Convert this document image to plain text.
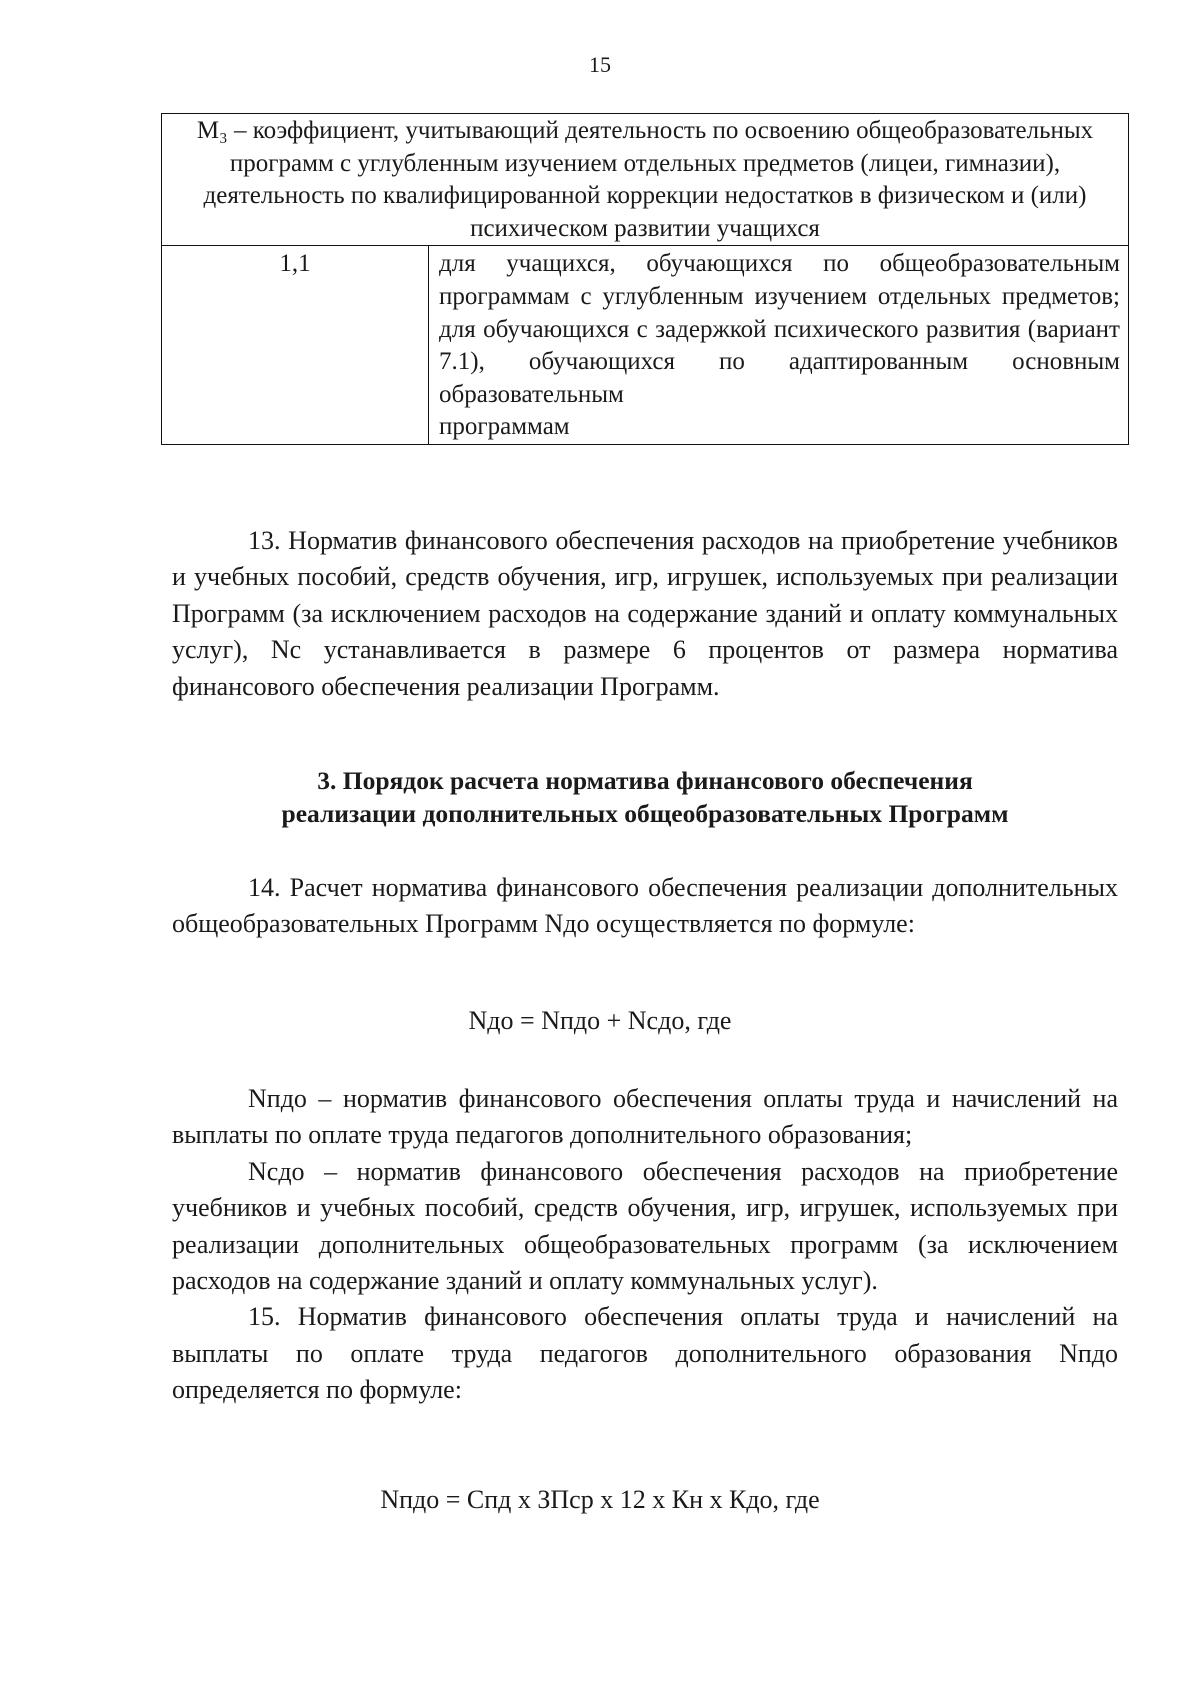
15
М₃ – коэффициент, учитывающий деятельность по освоению общеобразовательных программ с углубленным изучением отдельных предметов (лицеи, гимназии), деятельность по квалифицированной коррекции недостатков в физическом и (или) психическом развитии учащихся
1,1	для учащихся, обучающихся по общеобразовательным программам с углубленным изучением отдельных предметов; для обучающихся с задержкой психического развития (вариант 7.1), обучающихся по адаптированным основным образовательным
программам

13. Норматив финансового обеспечения расходов на приобретение учебников и учебных пособий, средств обучения, игр, игрушек, используемых при реализации Программ (за исключением расходов на содержание зданий и оплату коммунальных услуг), Nc устанавливается в размере 6 процентов от размера норматива финансового обеспечения реализации Программ.

3. Порядок расчета норматива финансового обеспечения
реализации дополнительных общеобразовательных Программ

14. Расчет норматива финансового обеспечения реализации дополнительных общеобразовательных Программ Nдо осуществляется по формуле:

Nдо = Nпдо + Nсдо, где

Nпдо – норматив финансового обеспечения оплаты труда и начислений на выплаты по оплате труда педагогов дополнительного образования;

Nсдо – норматив финансового обеспечения расходов на приобретение учебников и учебных пособий, средств обучения, игр, игрушек, используемых при реализации дополнительных общеобразовательных программ (за исключением расходов на содержание зданий и оплату коммунальных услуг).

15. Норматив финансового обеспечения оплаты труда и начислений на выплаты по оплате труда педагогов дополнительного образования Nпдо определяется по формуле:

Nпдо = Спд х ЗПср х 12 х Кн х Кдо, где
